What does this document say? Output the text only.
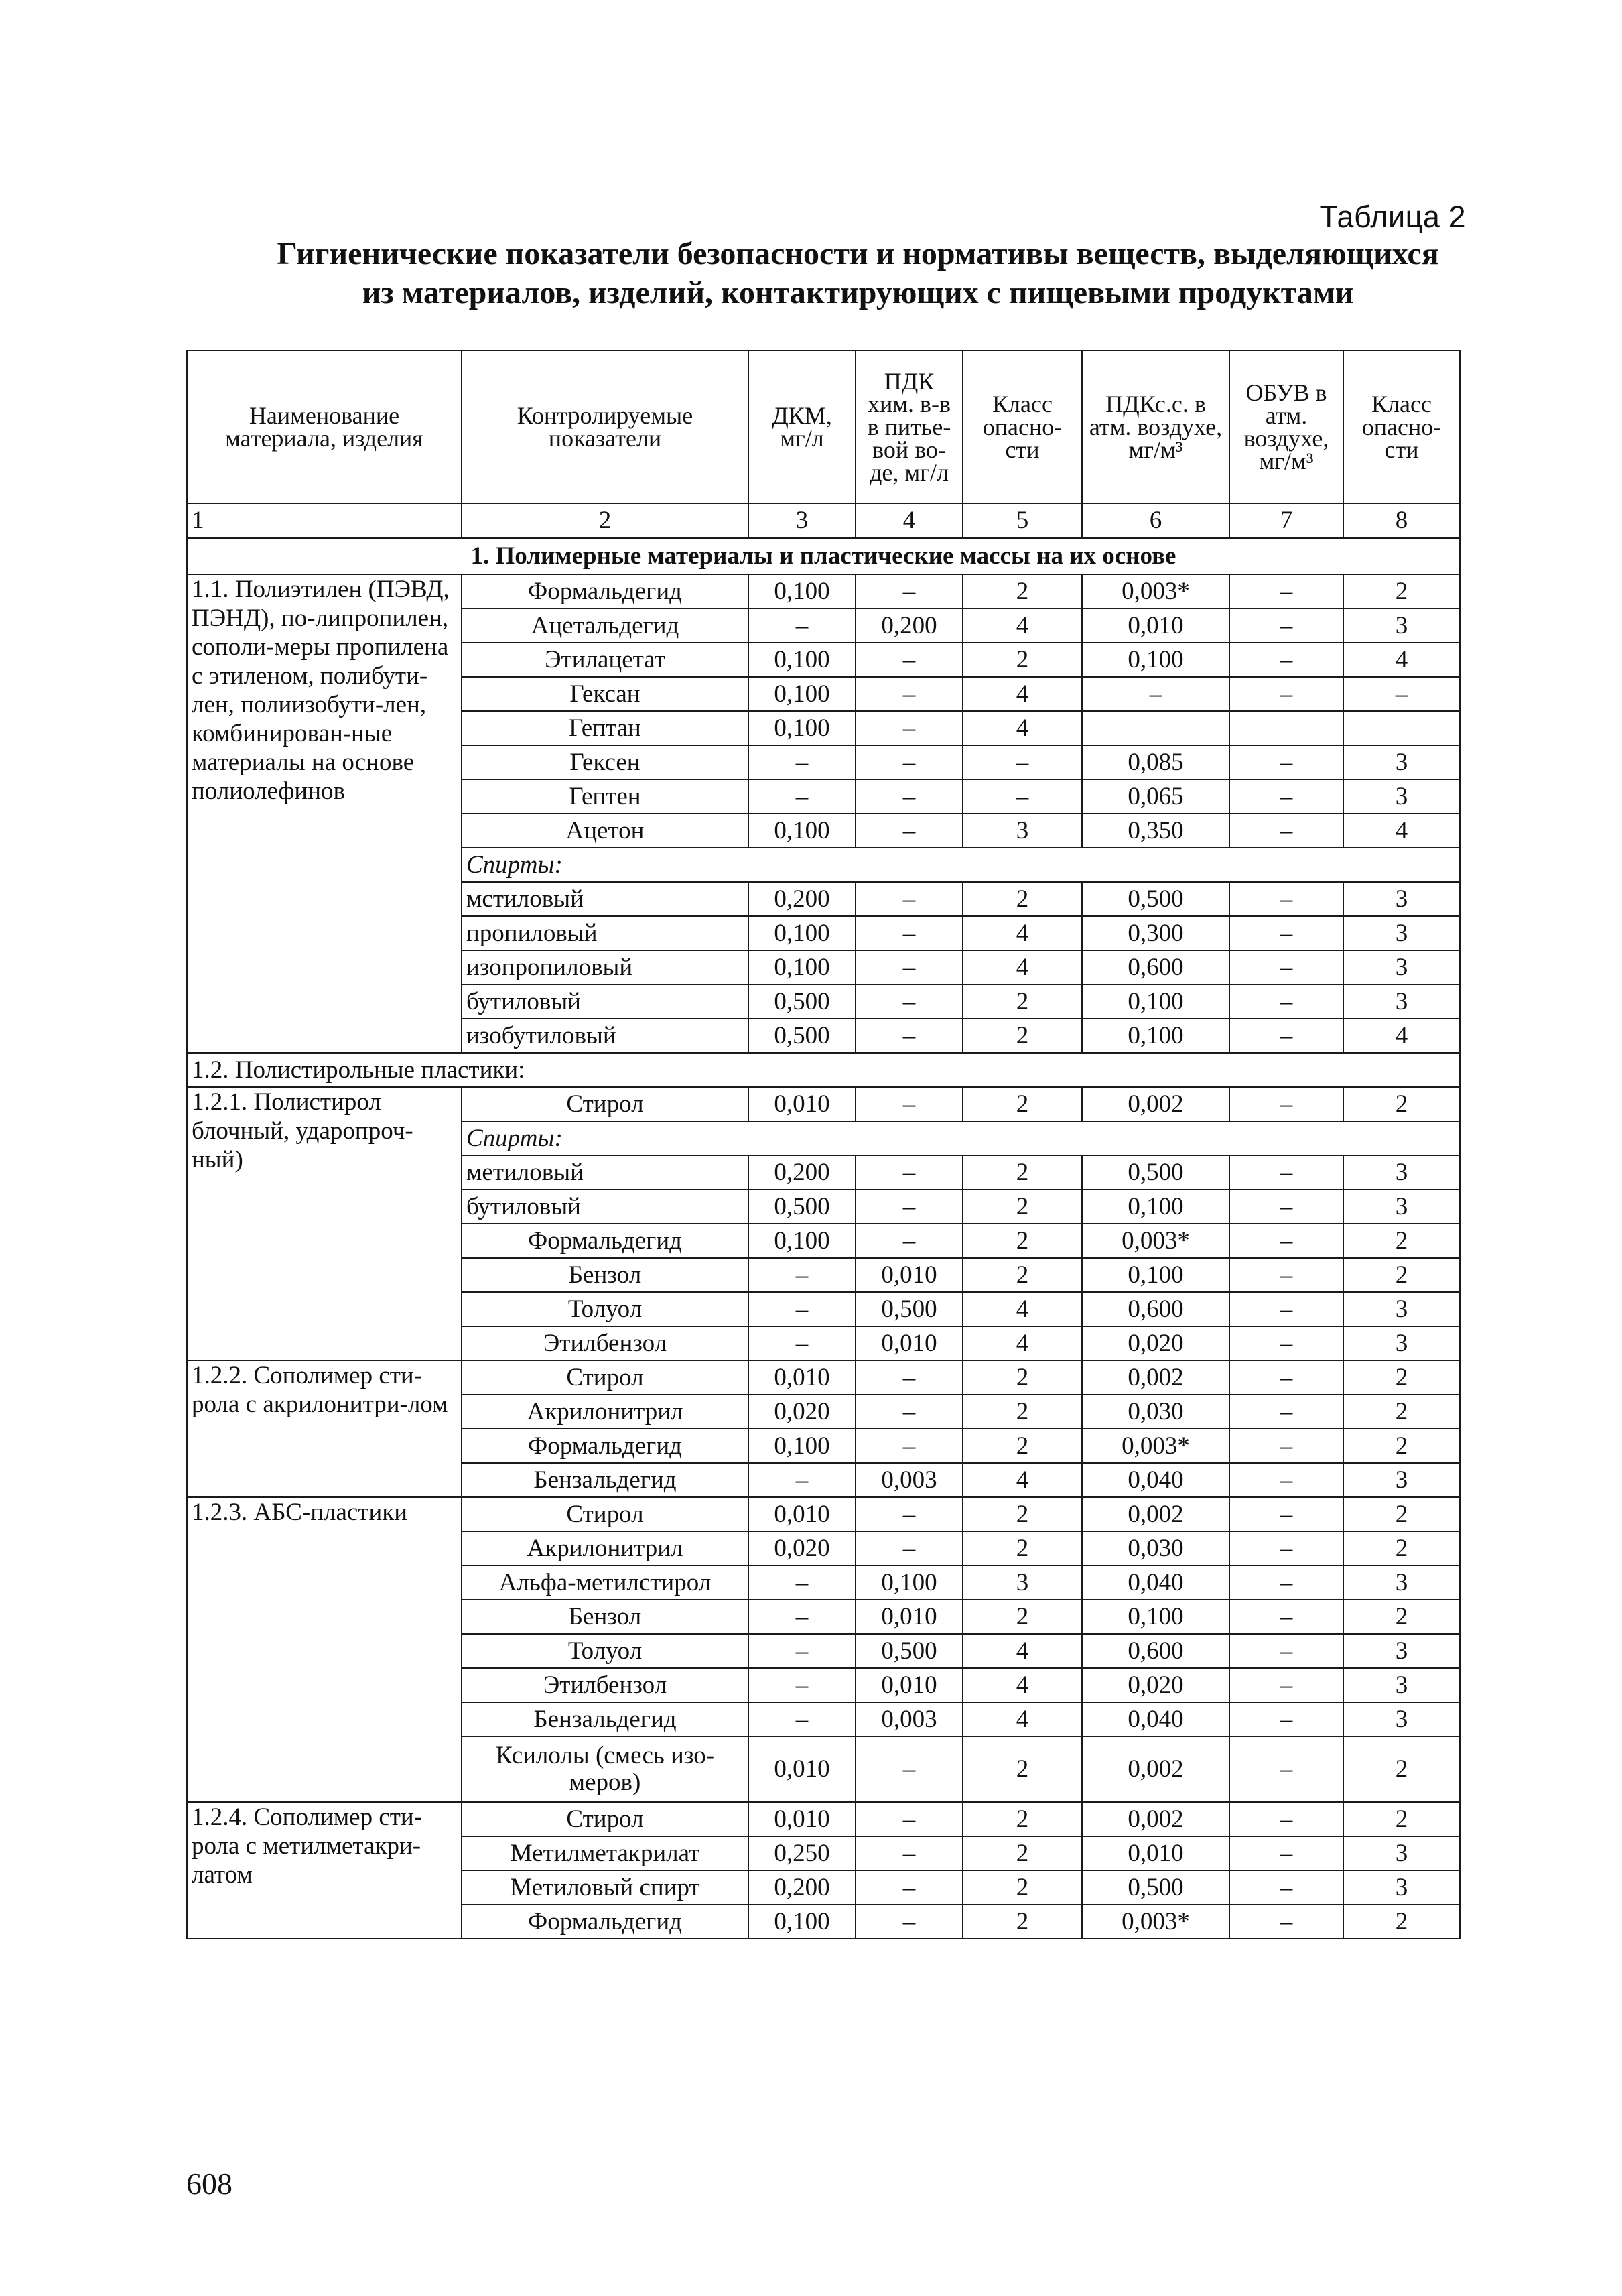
Таблица 2
Гигиенические показатели безопасности и нормативы веществ, выделяющихся
из материалов, изделий, контактирующих с пищевыми продуктами
Наименование материала, изделия	Контролируемые показатели	ДКМ, мг/л	ПДК хим. в-в в питье-вой во-де, мг/л	Класс опасно-сти	ПДКс.с. в атм. воздухе, мг/м³	ОБУВ в атм. воздухе, мг/м³	Класс опасно-сти
1	2	3	4	5	6	7	8
1. Полимерные материалы и пластические массы на их основе							
1.1. Полиэтилен (ПЭВД, ПЭНД), по-липропилен, сополи-меры пропилена с этиленом, полибути-лен, полиизобути-лен, комбинирован-ные материалы на основе полиолефинов	Формальдегид	0,100	–	2	0,003*	–	2
	Ацетальдегид	–	0,200	4	0,010	–	3
	Этилацетат	0,100	–	2	0,100	–	4
	Гексан	0,100	–	4	–	–	–
	Гептан	0,100	–	4			
	Гексен	–	–	–	0,085	–	3
	Гептен	–	–	–	0,065	–	3
	Ацетон	0,100	–	3	0,350	–	4
	Спирты:						
	мстиловый	0,200	–	2	0,500	–	3
	пропиловый	0,100	–	4	0,300	–	3
	изопропиловый	0,100	–	4	0,600	–	3
	бутиловый	0,500	–	2	0,100	–	3
	изобутиловый	0,500	–	2	0,100	–	4
1.2. Полистирольные пластики:							
1.2.1. Полистирол блочный, ударопроч-ный)	Стирол	0,010	–	2	0,002	–	2
	Спирты:						
	метиловый	0,200	–	2	0,500	–	3
	бутиловый	0,500	–	2	0,100	–	3
	Формальдегид	0,100	–	2	0,003*	–	2
	Бензол	–	0,010	2	0,100	–	2
	Толуол	–	0,500	4	0,600	–	3
	Этилбензол	–	0,010	4	0,020	–	3
1.2.2. Сополимер сти-рола с акрилонитри-лом	Стирол	0,010	–	2	0,002	–	2
	Акрилонитрил	0,020	–	2	0,030	–	2
	Формальдегид	0,100	–	2	0,003*	–	2
	Бензальдегид	–	0,003	4	0,040	–	3
1.2.3. АБС-пластики	Стирол	0,010	–	2	0,002	–	2
	Акрилонитрил	0,020	–	2	0,030	–	2
	Альфа-метилстирол	–	0,100	3	0,040	–	3
	Бензол	–	0,010	2	0,100	–	2
	Толуол	–	0,500	4	0,600	–	3
	Этилбензол	–	0,010	4	0,020	–	3
	Бензальдегид	–	0,003	4	0,040	–	3
	Ксилолы (смесь изо-меров)	0,010	–	2	0,002	–	2
1.2.4. Сополимер сти-рола с метилметакри-латом	Стирол	0,010	–	2	0,002	–	2
	Метилметакрилат	0,250	–	2	0,010	–	3
	Метиловый спирт	0,200	–	2	0,500	–	3
	Формальдегид	0,100	–	2	0,003*	–	2
608
